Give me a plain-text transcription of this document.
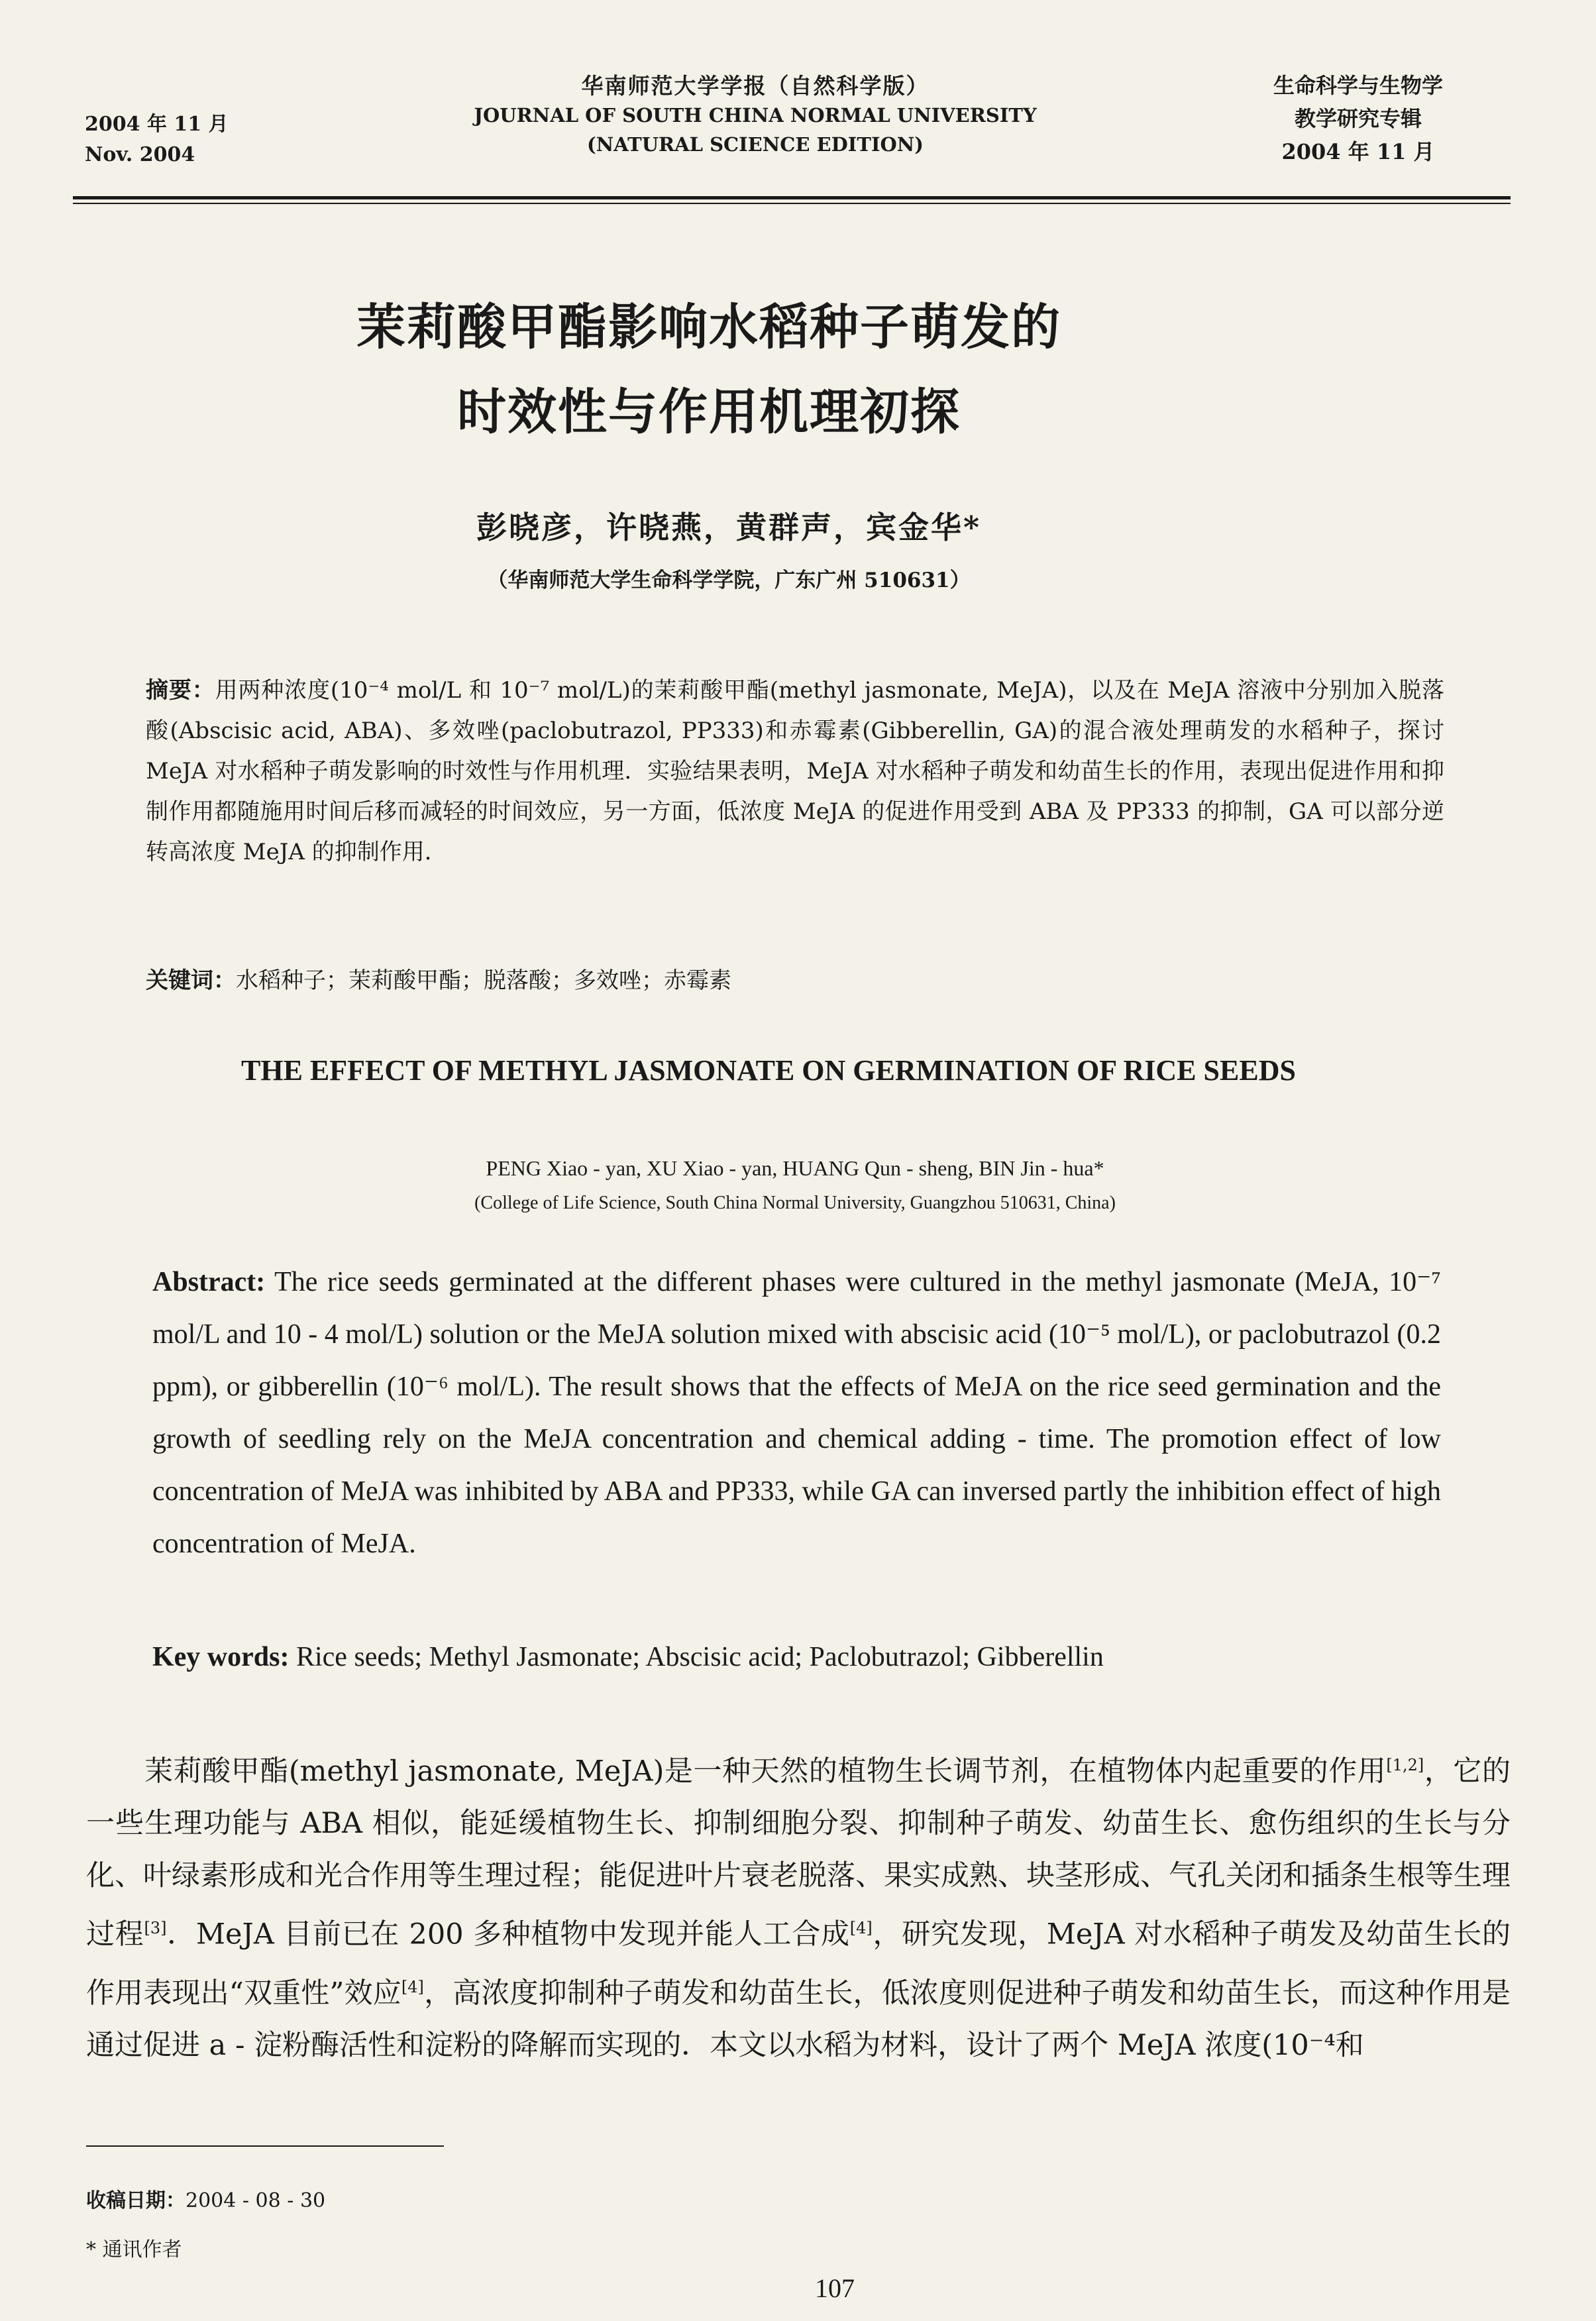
2004 年 11 月
Nov. 2004
华南师范大学学报（自然科学版）
JOURNAL OF SOUTH CHINA NORMAL UNIVERSITY
(NATURAL SCIENCE EDITION)
生命科学与生物学
教学研究专辑
2004 年 11 月
茉莉酸甲酯影响水稻种子萌发的
时效性与作用机理初探
彭晓彦，许晓燕，黄群声，宾金华*
（华南师范大学生命科学学院，广东广州 510631）
摘要：用两种浓度(10⁻⁴ mol/L 和 10⁻⁷ mol/L)的茉莉酸甲酯(methyl jasmonate, MeJA)，以及在 MeJA 溶液中分别加入脱落酸(Abscisic acid, ABA)、多效唑(paclobutrazol, PP333)和赤霉素(Gibberellin, GA)的混合液处理萌发的水稻种子，探讨 MeJA 对水稻种子萌发影响的时效性与作用机理．实验结果表明，MeJA 对水稻种子萌发和幼苗生长的作用，表现出促进作用和抑制作用都随施用时间后移而减轻的时间效应，另一方面，低浓度 MeJA 的促进作用受到 ABA 及 PP333 的抑制，GA 可以部分逆转高浓度 MeJA 的抑制作用．
关键词：水稻种子；茉莉酸甲酯；脱落酸；多效唑；赤霉素
THE EFFECT OF METHYL JASMONATE ON GERMINATION OF RICE SEEDS
PENG Xiao - yan, XU Xiao - yan, HUANG Qun - sheng, BIN Jin - hua*
(College of Life Science, South China Normal University, Guangzhou 510631, China)
Abstract: The rice seeds germinated at the different phases were cultured in the methyl jasmonate (MeJA, 10⁻⁷ mol/L and 10 - 4 mol/L) solution or the MeJA solution mixed with abscisic acid (10⁻⁵ mol/L), or paclobutrazol (0.2 ppm), or gibberellin (10⁻⁶ mol/L). The result shows that the effects of MeJA on the rice seed germination and the growth of seedling rely on the MeJA concentration and chemical adding - time. The promotion effect of low concentration of MeJA was inhibited by ABA and PP333, while GA can inversed partly the inhibition effect of high concentration of MeJA.
Key words: Rice seeds; Methyl Jasmonate; Abscisic acid; Paclobutrazol; Gibberellin
茉莉酸甲酯(methyl jasmonate, MeJA)是一种天然的植物生长调节剂，在植物体内起重要的作用[1,2]，它的一些生理功能与 ABA 相似，能延缓植物生长、抑制细胞分裂、抑制种子萌发、幼苗生长、愈伤组织的生长与分化、叶绿素形成和光合作用等生理过程；能促进叶片衰老脱落、果实成熟、块茎形成、气孔关闭和插条生根等生理过程[3]．MeJA 目前已在 200 多种植物中发现并能人工合成[4]，研究发现，MeJA 对水稻种子萌发及幼苗生长的作用表现出“双重性”效应[4]，高浓度抑制种子萌发和幼苗生长，低浓度则促进种子萌发和幼苗生长，而这种作用是通过促进 a - 淀粉酶活性和淀粉的降解而实现的．本文以水稻为材料，设计了两个 MeJA 浓度(10⁻⁴和
收稿日期：2004 - 08 - 30
* 通讯作者
107
